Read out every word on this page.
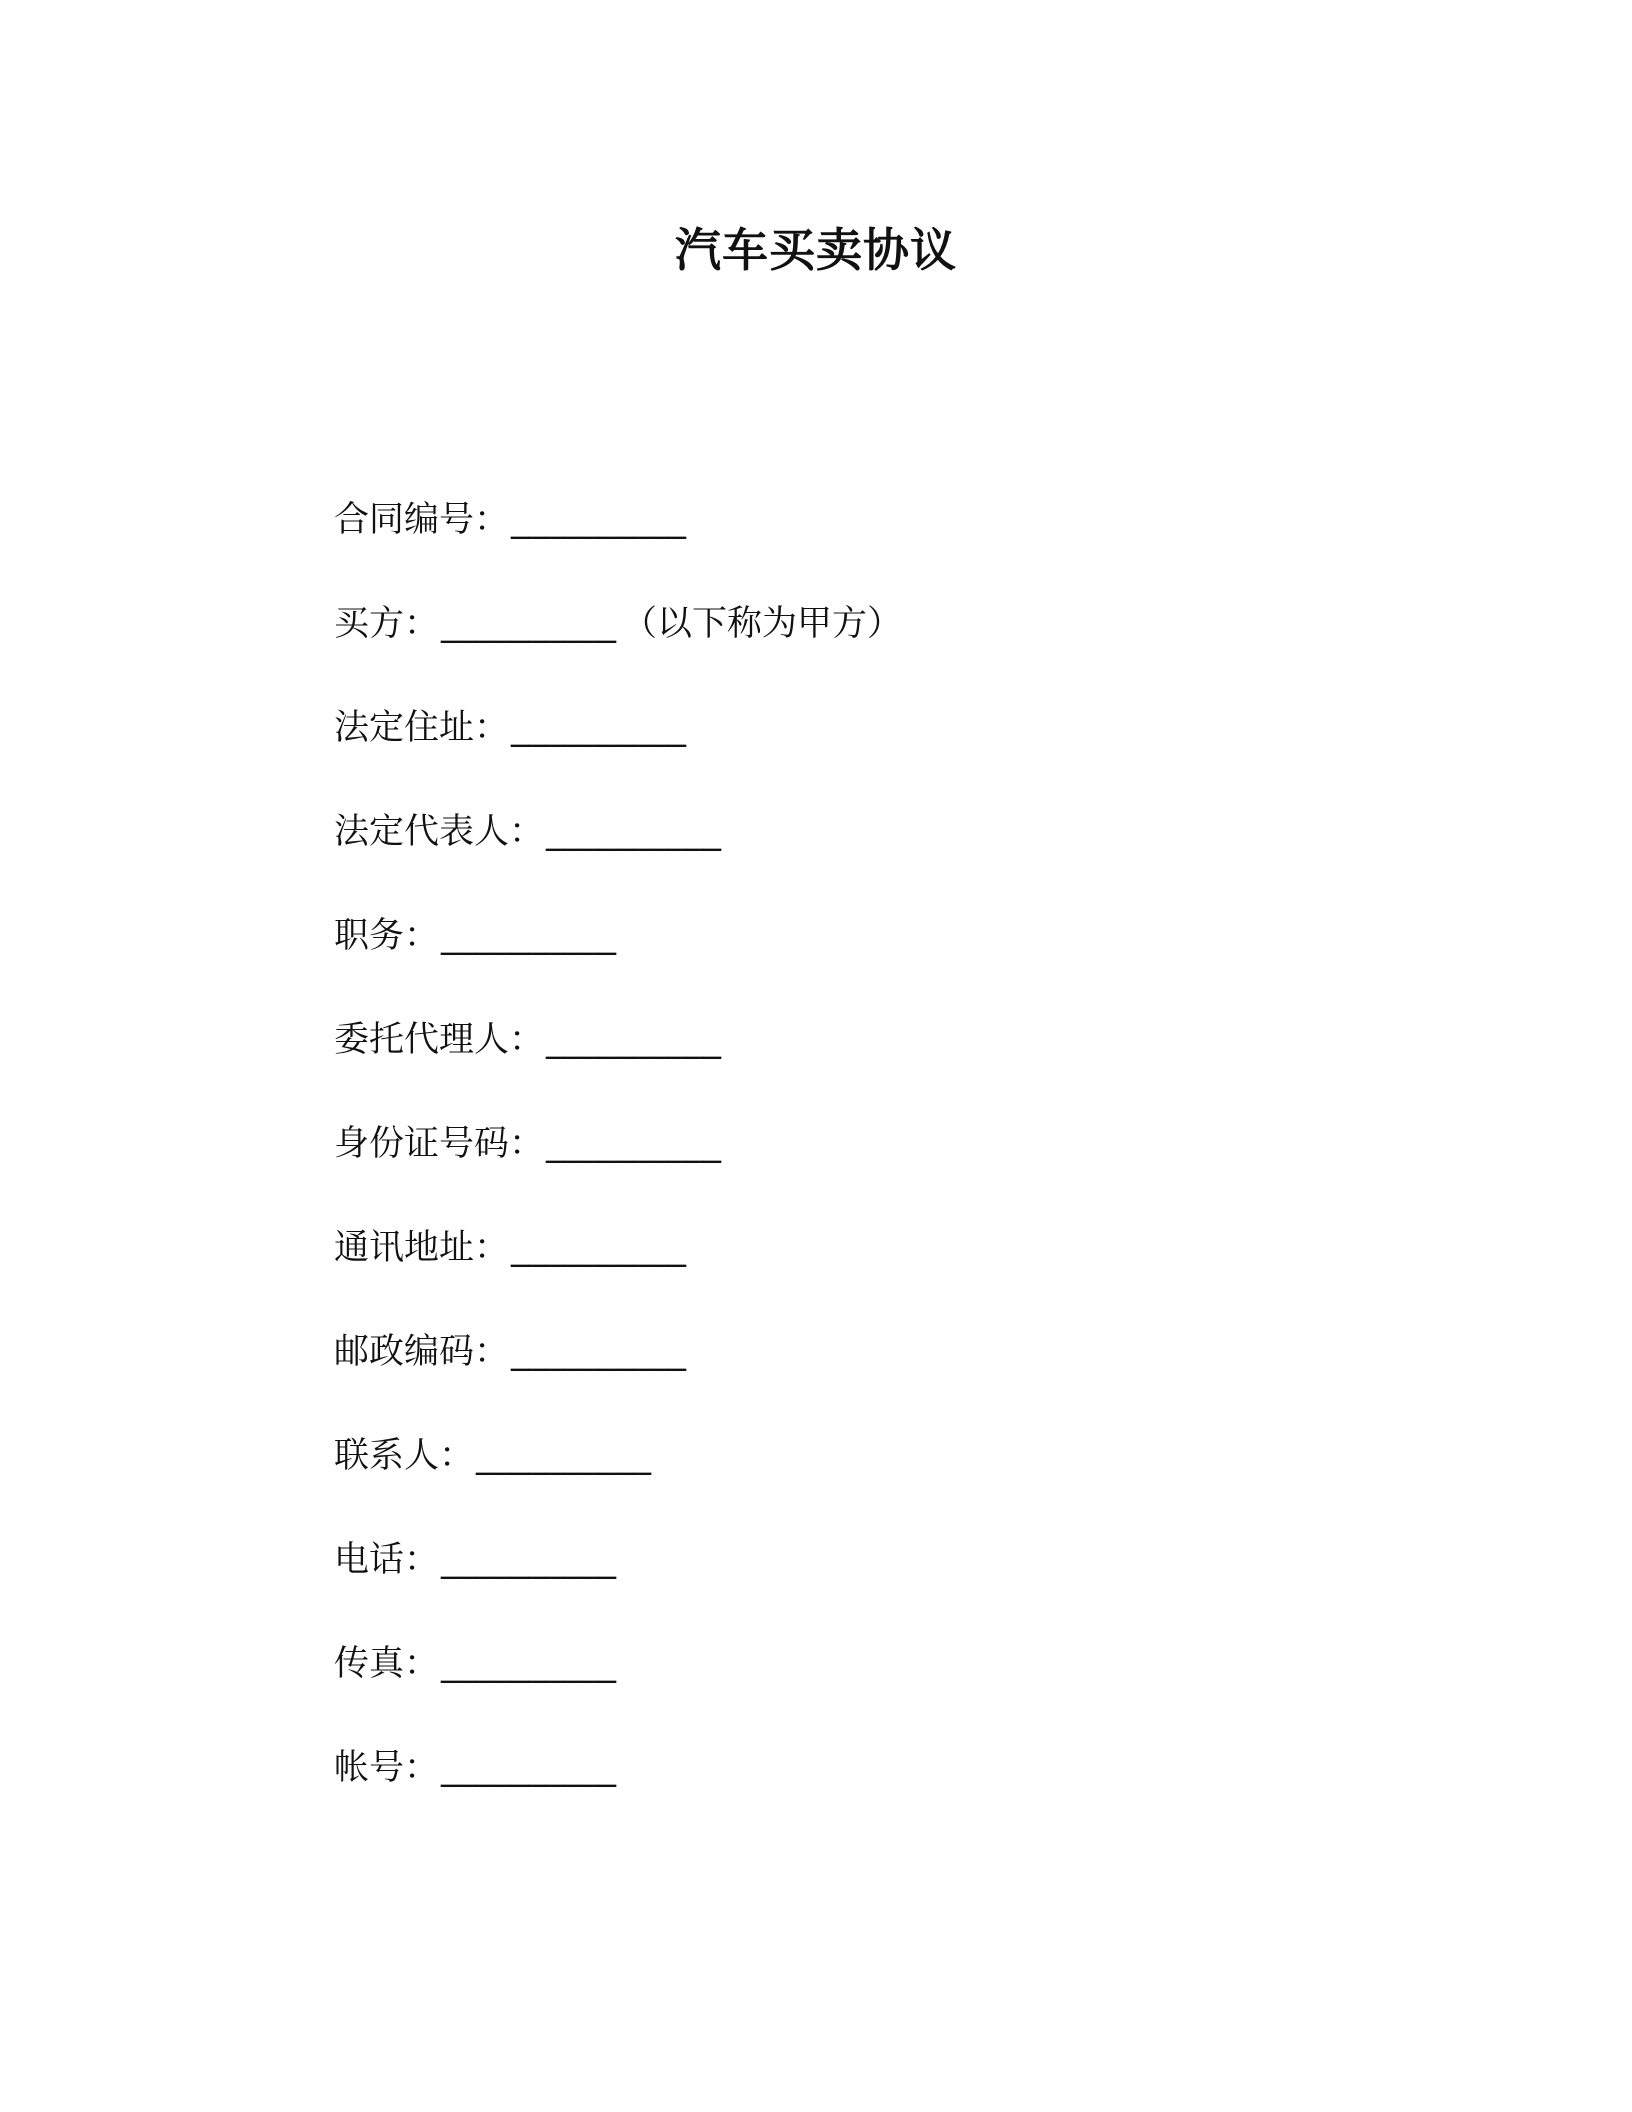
汽车买卖协议
合同编号：__________
买方：__________ （以下称为甲方）
法定住址：__________
法定代表人：__________
职务：__________
委托代理人：__________
身份证号码：__________
通讯地址：__________
邮政编码：__________
联系人：__________
电话：__________
传真：__________
帐号：__________
